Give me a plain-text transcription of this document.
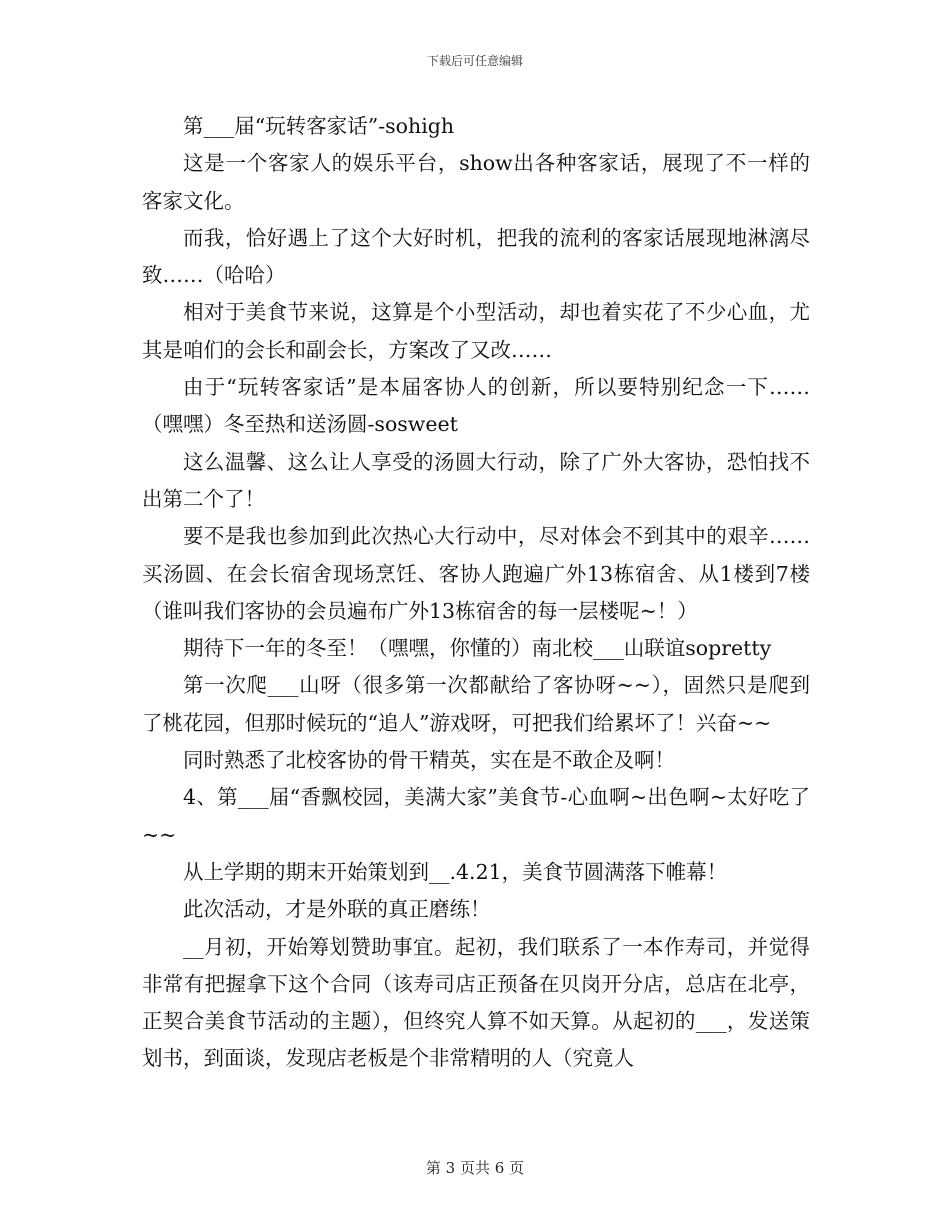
下载后可任意编辑

第___届“玩转客家话”-sohigh

这是一个客家人的娱乐平台，show出各种客家话，展现了不一样的客家文化。

而我，恰好遇上了这个大好时机，把我的流利的客家话展现地淋漓尽致……（哈哈）

相对于美食节来说，这算是个小型活动，却也着实花了不少心血，尤其是咱们的会长和副会长，方案改了又改……

由于“玩转客家话”是本届客协人的创新，所以要特别纪念一下……（嘿嘿）冬至热和送汤圆-sosweet

这么温馨、这么让人享受的汤圆大行动，除了广外大客协，恐怕找不出第二个了！

要不是我也参加到此次热心大行动中，尽对体会不到其中的艰辛……买汤圆、在会长宿舍现场烹饪、客协人跑遍广外13栋宿舍、从1楼到7楼（谁叫我们客协的会员遍布广外13栋宿舍的每一层楼呢~！）

期待下一年的冬至！（嘿嘿，你懂的）南北校___山联谊sopretty

第一次爬___山呀（很多第一次都献给了客协呀~~），固然只是爬到了桃花园，但那时候玩的“追人”游戏呀，可把我们给累坏了！兴奋~~

同时熟悉了北校客协的骨干精英，实在是不敢企及啊！

4、第___届“香飘校园，美满大家”美食节-心血啊~出色啊~太好吃了~~

从上学期的期末开始策划到__.4.21，美食节圆满落下帷幕！

此次活动，才是外联的真正磨练！

__月初，开始筹划赞助事宜。起初，我们联系了一本作寿司，并觉得非常有把握拿下这个合同（该寿司店正预备在贝岗开分店，总店在北亭，正契合美食节活动的主题），但终究人算不如天算。从起初的___，发送策划书，到面谈，发现店老板是个非常精明的人（究竟人

第 3 页共 6 页
